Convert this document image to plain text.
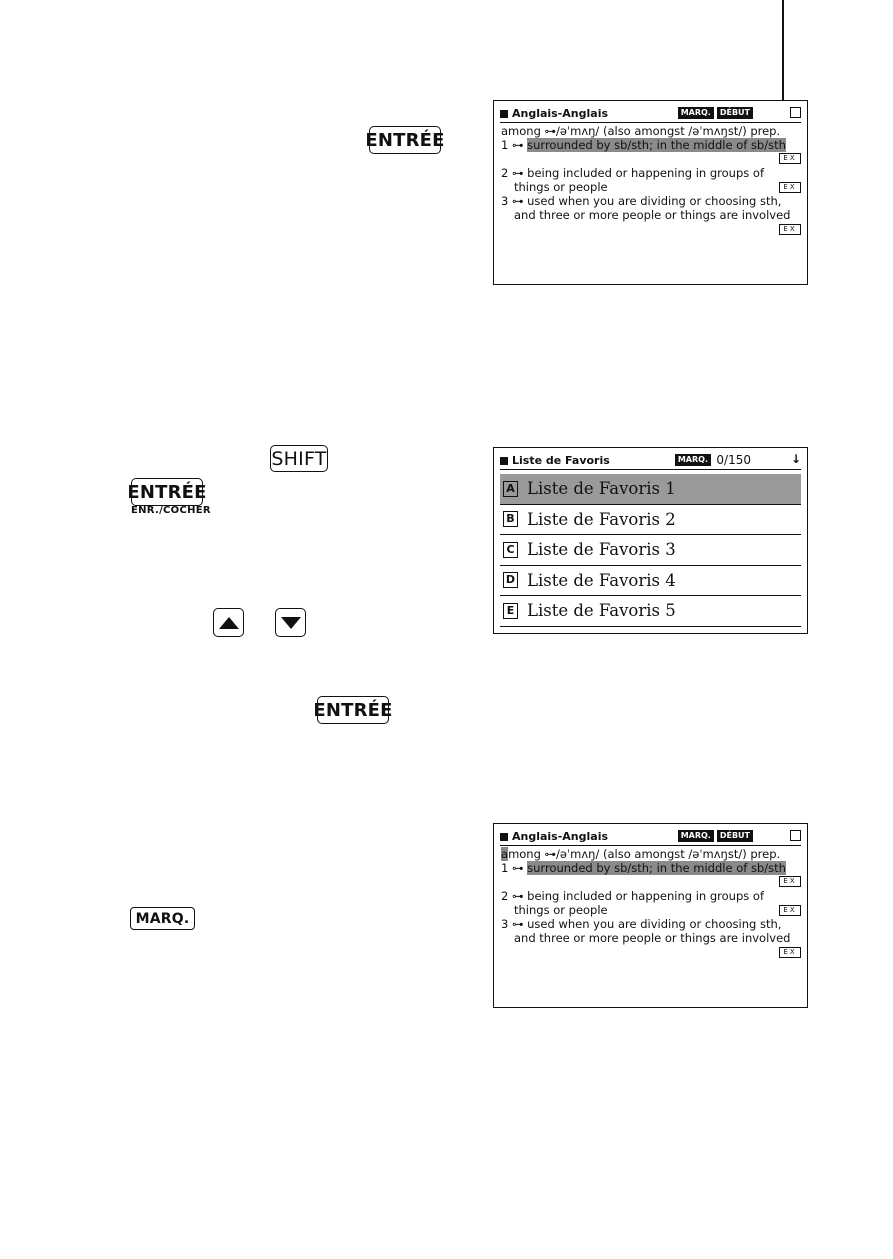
ENTRÉE
SHIFT
ENTRÉE
ENR./COCHER
ENTRÉE
MARQ.
Anglais-Anglais	MARQ.	DÉBUT
among ⊶/əˈmʌŋ/ (also amongst /əˈmʌŋst/) prep.
1 ⊶ surrounded by sb/sth; in the middle of sb/sth
2 ⊶ being included or happening in groups of
things or people
3 ⊶ used when you are dividing or choosing sth,
and three or more people or things are involved
EX
EX
EX
Liste de Favoris	MARQ. 0/150	↓
A Liste de Favoris 1
B Liste de Favoris 2
C Liste de Favoris 3
D Liste de Favoris 4
E Liste de Favoris 5
Anglais-Anglais	MARQ.	DÉBUT
among ⊶/əˈmʌŋ/ (also amongst /əˈmʌŋst/) prep.
1 ⊶ surrounded by sb/sth; in the middle of sb/sth
2 ⊶ being included or happening in groups of
things or people
3 ⊶ used when you are dividing or choosing sth,
and three or more people or things are involved
EX
EX
EX
